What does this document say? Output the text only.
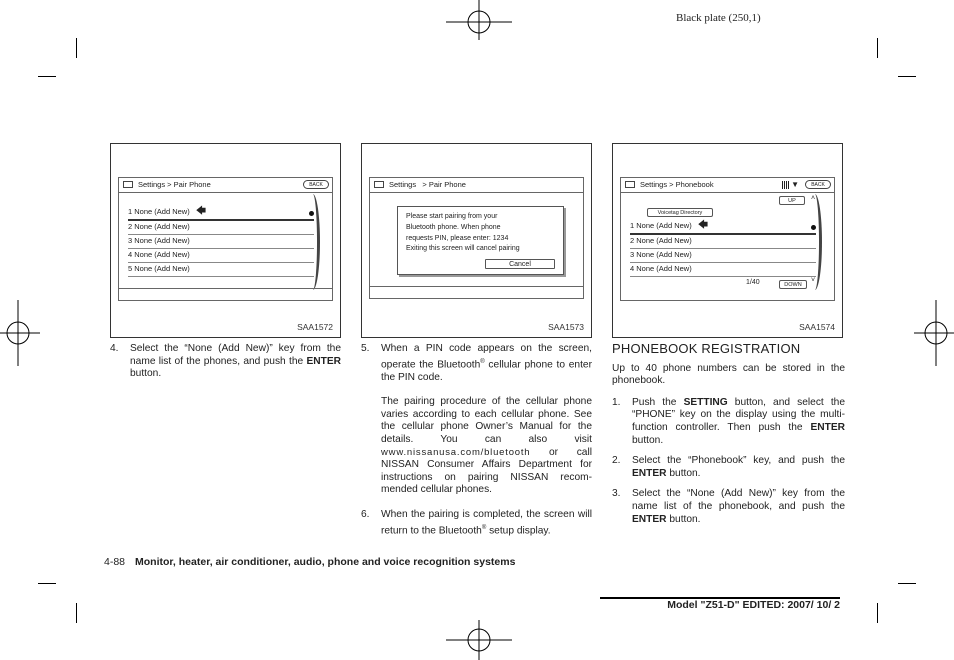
Black plate (250,1)
Settings > Pair Phone	BACK
1 None (Add New) 🡄
2 None (Add New)
3 None (Add New)
4 None (Add New)
5 None (Add New)
SAA1572
Settings > Pair Phone
Please start pairing from your
Bluetooth phone. When phone
requests PIN, please enter: 1234
Exiting this screen will cancel pairing
Cancel
SAA1573
Settings > Phonebook	▼	BACK
UP	˄
Voicetag Directory
1 None (Add New) 🡄
2 None (Add New)
3 None (Add New)
4 None (Add New)
1/40	DOWN
˅
SAA1574
4. Select the “None (Add New)” key from the name list of the phones, and push the ENTER button.
5. When a PIN code appears on the screen, operate the Bluetooth® cellular phone to enter the PIN code.
The pairing procedure of the cellular phone varies according to each cellular phone. See the cellular phone Owner’s Manual for the details. You can also visit www.nissanusa.com/bluetooth or call NISSAN Consumer Affairs Department for instructions on pairing NISSAN recom-mended cellular phones.
6. When the pairing is completed, the screen will return to the Bluetooth® setup display.
PHONEBOOK REGISTRATION

Up to 40 phone numbers can be stored in the phonebook.

1. Push the SETTING button, and select the “PHONE” key on the display using the multi-function controller. Then push the ENTER button.
2. Select the “Phonebook” key, and push the ENTER button.
3. Select the “None (Add New)” key from the name list of the phonebook, and push the ENTER button.
4-88 Monitor, heater, air conditioner, audio, phone and voice recognition systems
Model "Z51-D" EDITED: 2007/ 10/ 2
